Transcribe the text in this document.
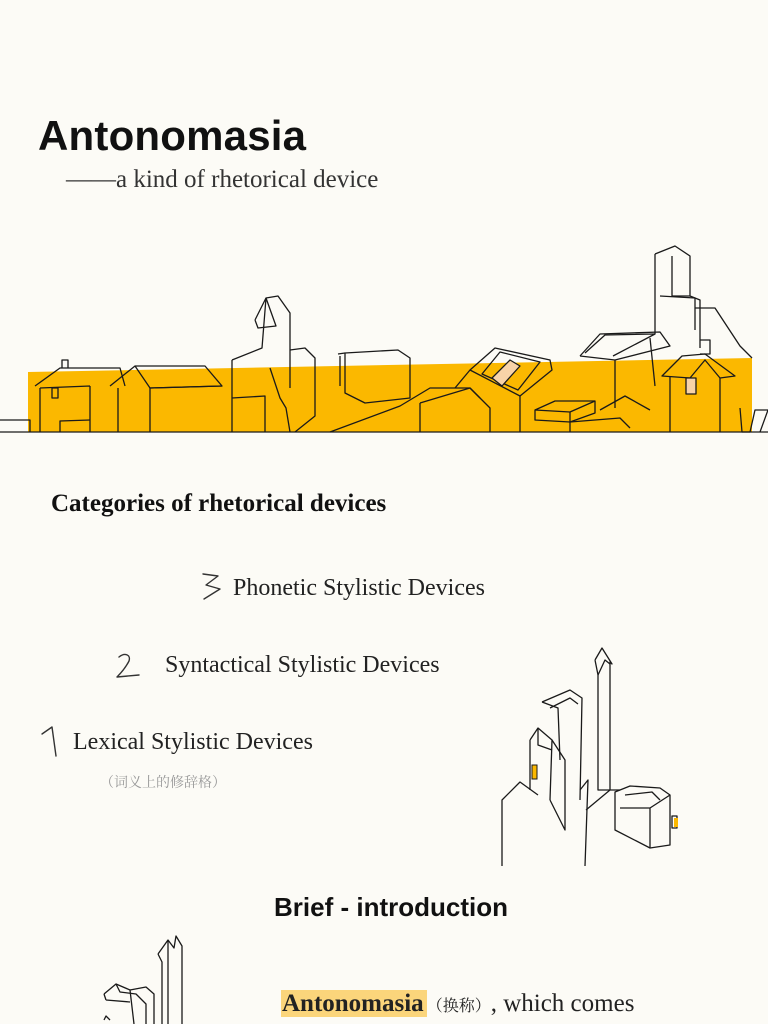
Antonomasia
——a kind of rhetorical device
Categories of rhetorical devices
Phonetic Stylistic Devices
Syntactical Stylistic Devices
Lexical Stylistic Devices
（词义上的修辞格）
Brief - introduction
Antonomasia （换称）, which comes
